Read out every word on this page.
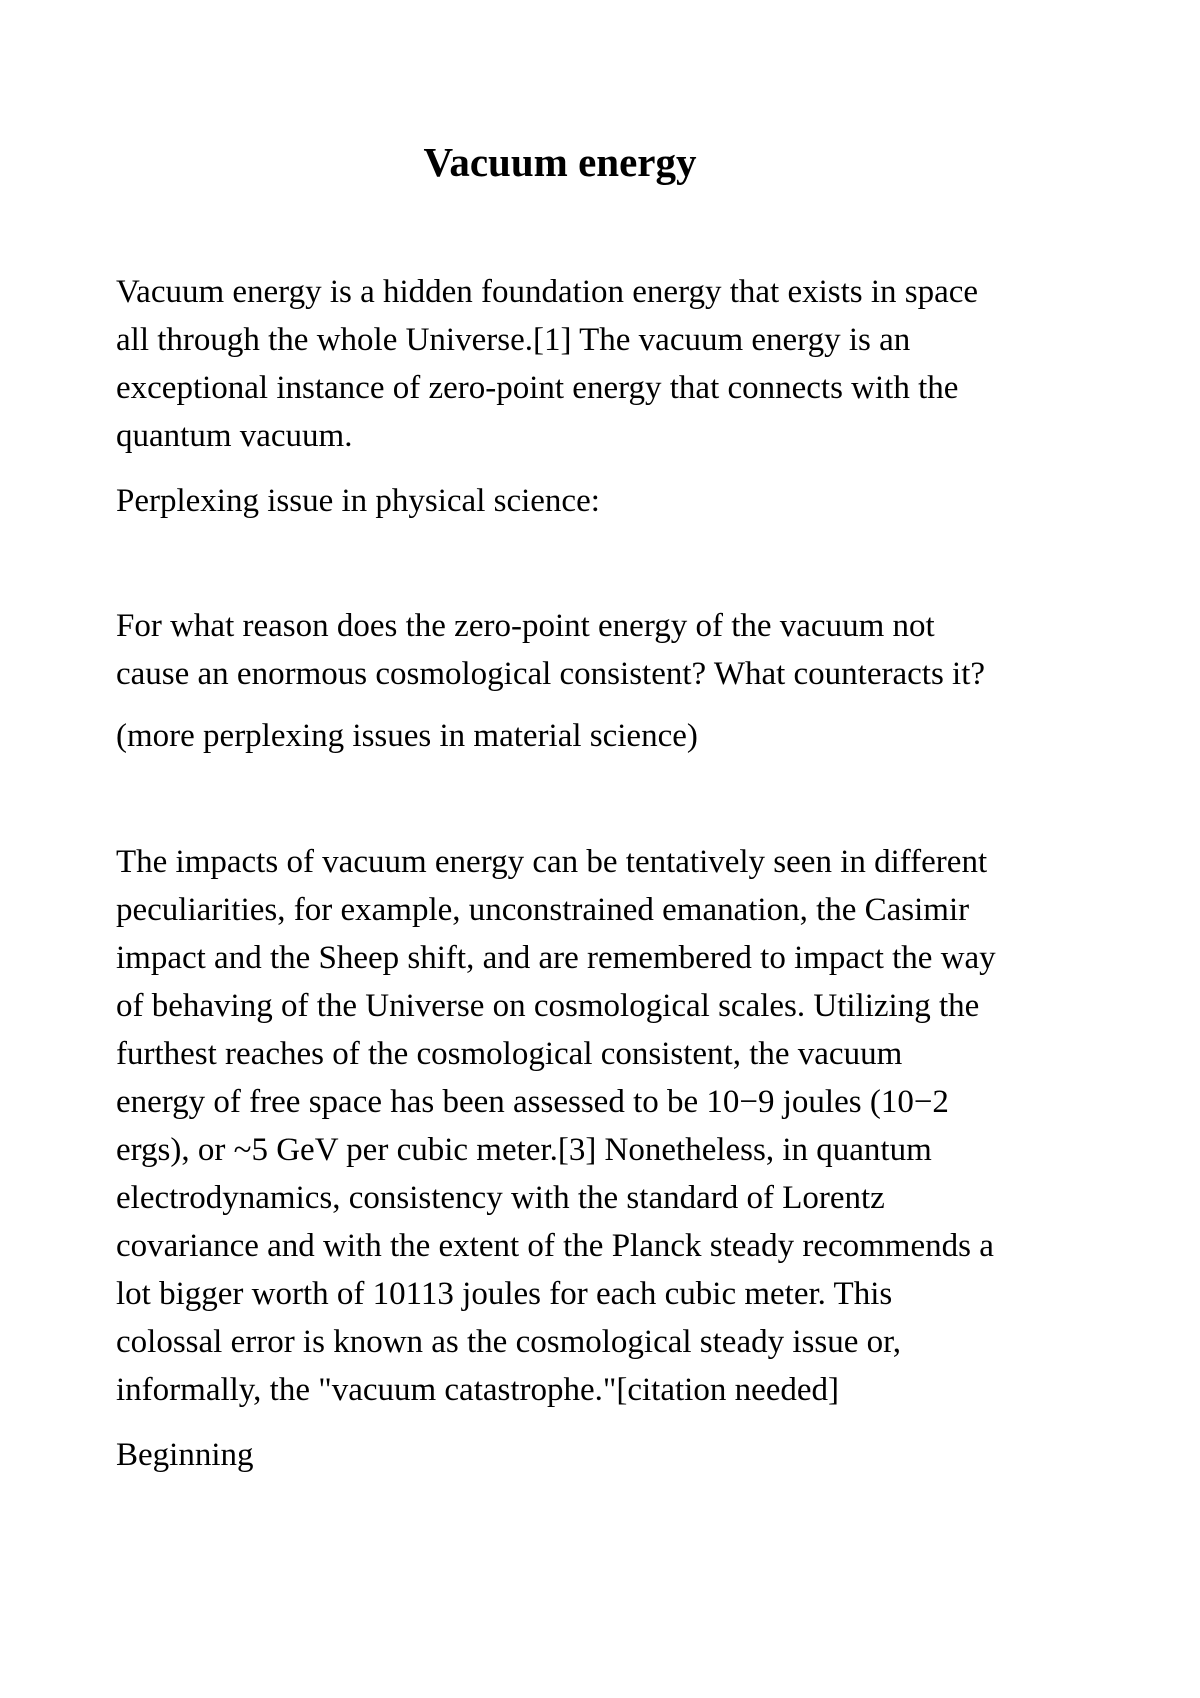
Vacuum energy

Vacuum energy is a hidden foundation energy that exists in space
all through the whole Universe.[1] The vacuum energy is an
exceptional instance of zero-point energy that connects with the
quantum vacuum.

Perplexing issue in physical science:

For what reason does the zero-point energy of the vacuum not
cause an enormous cosmological consistent? What counteracts it?

(more perplexing issues in material science)

The impacts of vacuum energy can be tentatively seen in different
peculiarities, for example, unconstrained emanation, the Casimir
impact and the Sheep shift, and are remembered to impact the way
of behaving of the Universe on cosmological scales. Utilizing the
furthest reaches of the cosmological consistent, the vacuum
energy of free space has been assessed to be 10−9 joules (10−2
ergs), or ~5 GeV per cubic meter.[3] Nonetheless, in quantum
electrodynamics, consistency with the standard of Lorentz
covariance and with the extent of the Planck steady recommends a
lot bigger worth of 10113 joules for each cubic meter. This
colossal error is known as the cosmological steady issue or,
informally, the "vacuum catastrophe."[citation needed]

Beginning
